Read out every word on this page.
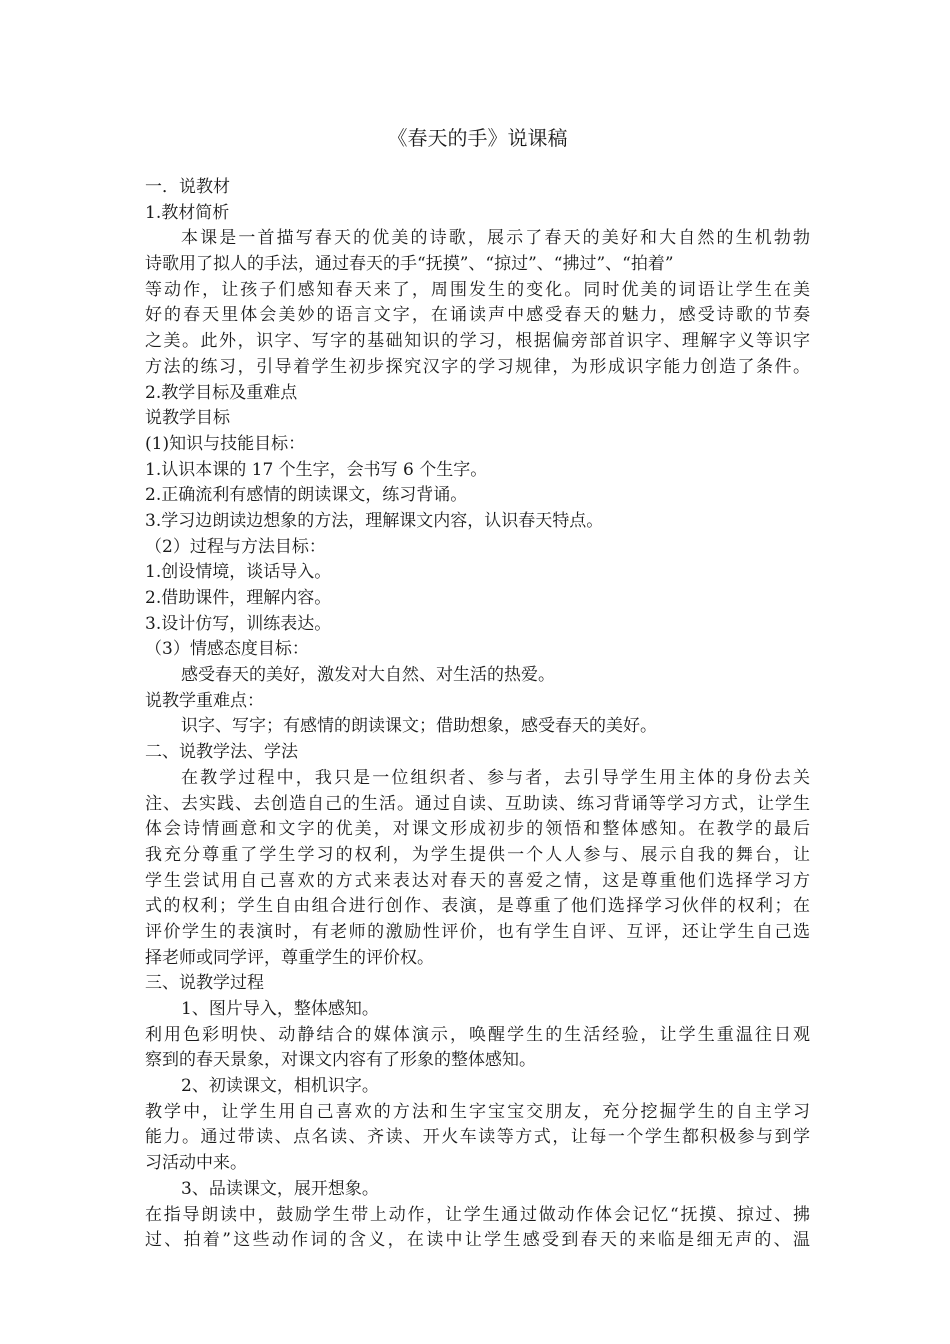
《春天的手》说课稿
一．说教材
1.教材简析
本课是一首描写春天的优美的诗歌，展示了春天的美好和大自然的生机勃勃
诗歌用了拟人的手法，通过春天的手“抚摸”、“掠过”、“拂过”、“拍着”
等动作，让孩子们感知春天来了，周围发生的变化。同时优美的词语让学生在美
好的春天里体会美妙的语言文字，在诵读声中感受春天的魅力，感受诗歌的节奏
之美。此外，识字、写字的基础知识的学习，根据偏旁部首识字、理解字义等识字
方法的练习，引导着学生初步探究汉字的学习规律，为形成识字能力创造了条件。
2.教学目标及重难点
说教学目标
(1)知识与技能目标：
1.认识本课的 17 个生字，会书写 6 个生字。
2.正确流利有感情的朗读课文，练习背诵。
3.学习边朗读边想象的方法，理解课文内容，认识春天特点。
（2）过程与方法目标：
1.创设情境，谈话导入。
2.借助课件，理解内容。
3.设计仿写，训练表达。
（3）情感态度目标：
感受春天的美好，激发对大自然、对生活的热爱。
说教学重难点：
识字、写字；有感情的朗读课文；借助想象，感受春天的美好。
二、说教学法、学法
在教学过程中，我只是一位组织者、参与者，去引导学生用主体的身份去关
注、去实践、去创造自己的生活。通过自读、互助读、练习背诵等学习方式，让学生
体会诗情画意和文字的优美，对课文形成初步的领悟和整体感知。在教学的最后
我充分尊重了学生学习的权利，为学生提供一个人人参与、展示自我的舞台，让
学生尝试用自己喜欢的方式来表达对春天的喜爱之情，这是尊重他们选择学习方
式的权利；学生自由组合进行创作、表演，是尊重了他们选择学习伙伴的权利；在
评价学生的表演时，有老师的激励性评价，也有学生自评、互评，还让学生自己选
择老师或同学评，尊重学生的评价权。
三、说教学过程
1、图片导入，整体感知。
利用色彩明快、动静结合的媒体演示，唤醒学生的生活经验，让学生重温往日观
察到的春天景象，对课文内容有了形象的整体感知。
2、初读课文，相机识字。
教学中，让学生用自己喜欢的方法和生字宝宝交朋友，充分挖掘学生的自主学习
能力。通过带读、点名读、齐读、开火车读等方式，让每一个学生都积极参与到学
习活动中来。
3、品读课文，展开想象。
在指导朗读中，鼓励学生带上动作，让学生通过做动作体会记忆“抚摸、掠过、拂
过、拍着”这些动作词的含义，在读中让学生感受到春天的来临是细无声的、温
